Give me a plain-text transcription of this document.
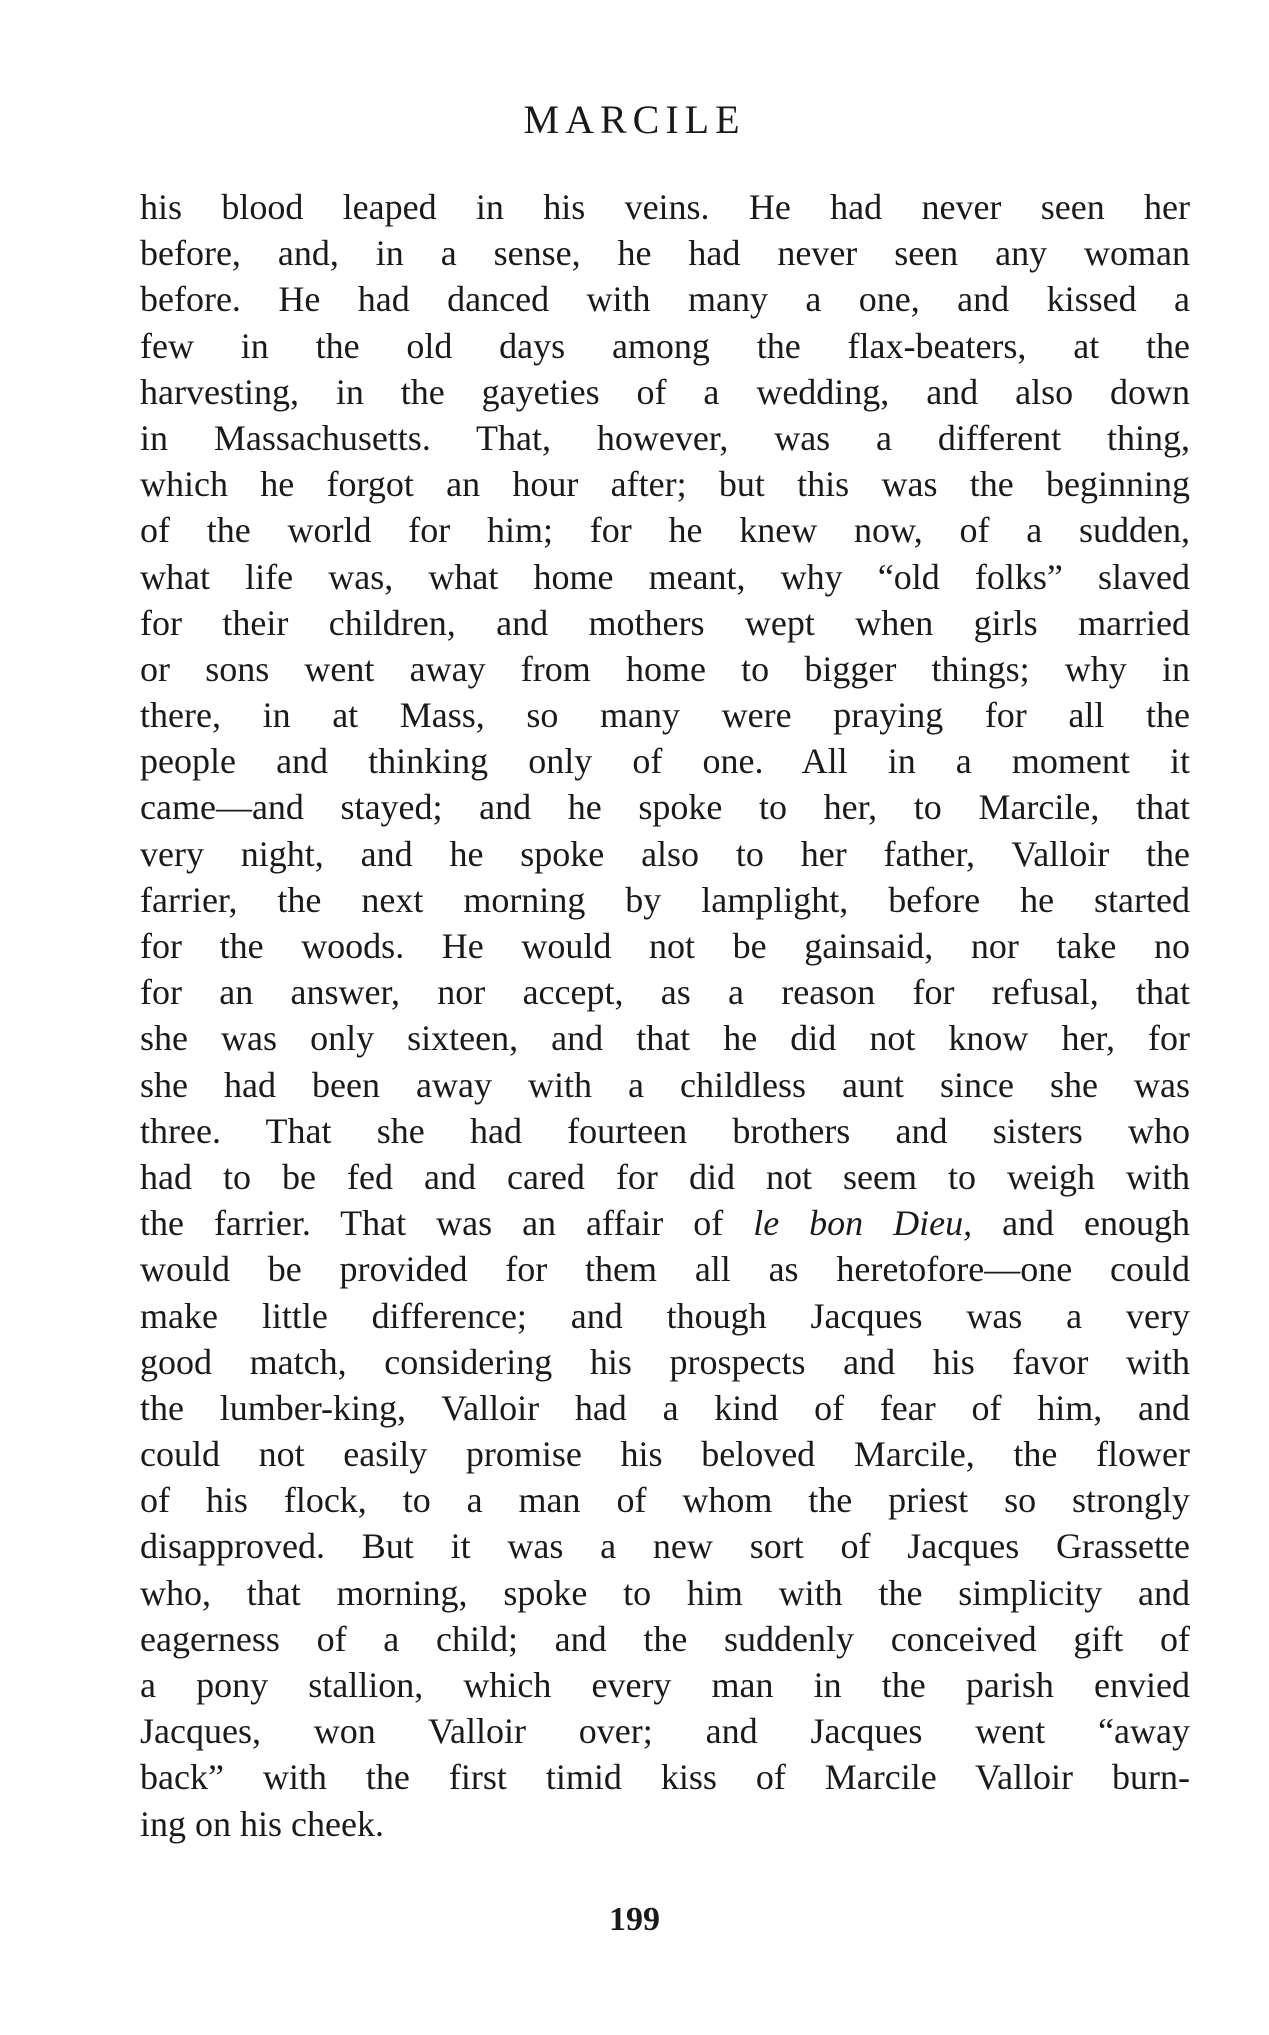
MARCILE
his blood leaped in his veins. He had never seen her
before, and, in a sense, he had never seen any woman
before. He had danced with many a one, and kissed a
few in the old days among the flax-beaters, at the
harvesting, in the gayeties of a wedding, and also down
in Massachusetts. That, however, was a different thing,
which he forgot an hour after; but this was the beginning
of the world for him; for he knew now, of a sudden,
what life was, what home meant, why “old folks” slaved
for their children, and mothers wept when girls married
or sons went away from home to bigger things; why in
there, in at Mass, so many were praying for all the
people and thinking only of one. All in a moment it
came—and stayed; and he spoke to her, to Marcile, that
very night, and he spoke also to her father, Valloir the
farrier, the next morning by lamplight, before he started
for the woods. He would not be gainsaid, nor take no
for an answer, nor accept, as a reason for refusal, that
she was only sixteen, and that he did not know her, for
she had been away with a childless aunt since she was
three. That she had fourteen brothers and sisters who
had to be fed and cared for did not seem to weigh with
the farrier. That was an affair of le bon Dieu, and enough
would be provided for them all as heretofore—one could
make little difference; and though Jacques was a very
good match, considering his prospects and his favor with
the lumber-king, Valloir had a kind of fear of him, and
could not easily promise his beloved Marcile, the flower
of his flock, to a man of whom the priest so strongly
disapproved. But it was a new sort of Jacques Grassette
who, that morning, spoke to him with the simplicity and
eagerness of a child; and the suddenly conceived gift of
a pony stallion, which every man in the parish envied
Jacques, won Valloir over; and Jacques went “away
back” with the first timid kiss of Marcile Valloir burn-
ing on his cheek.
199
